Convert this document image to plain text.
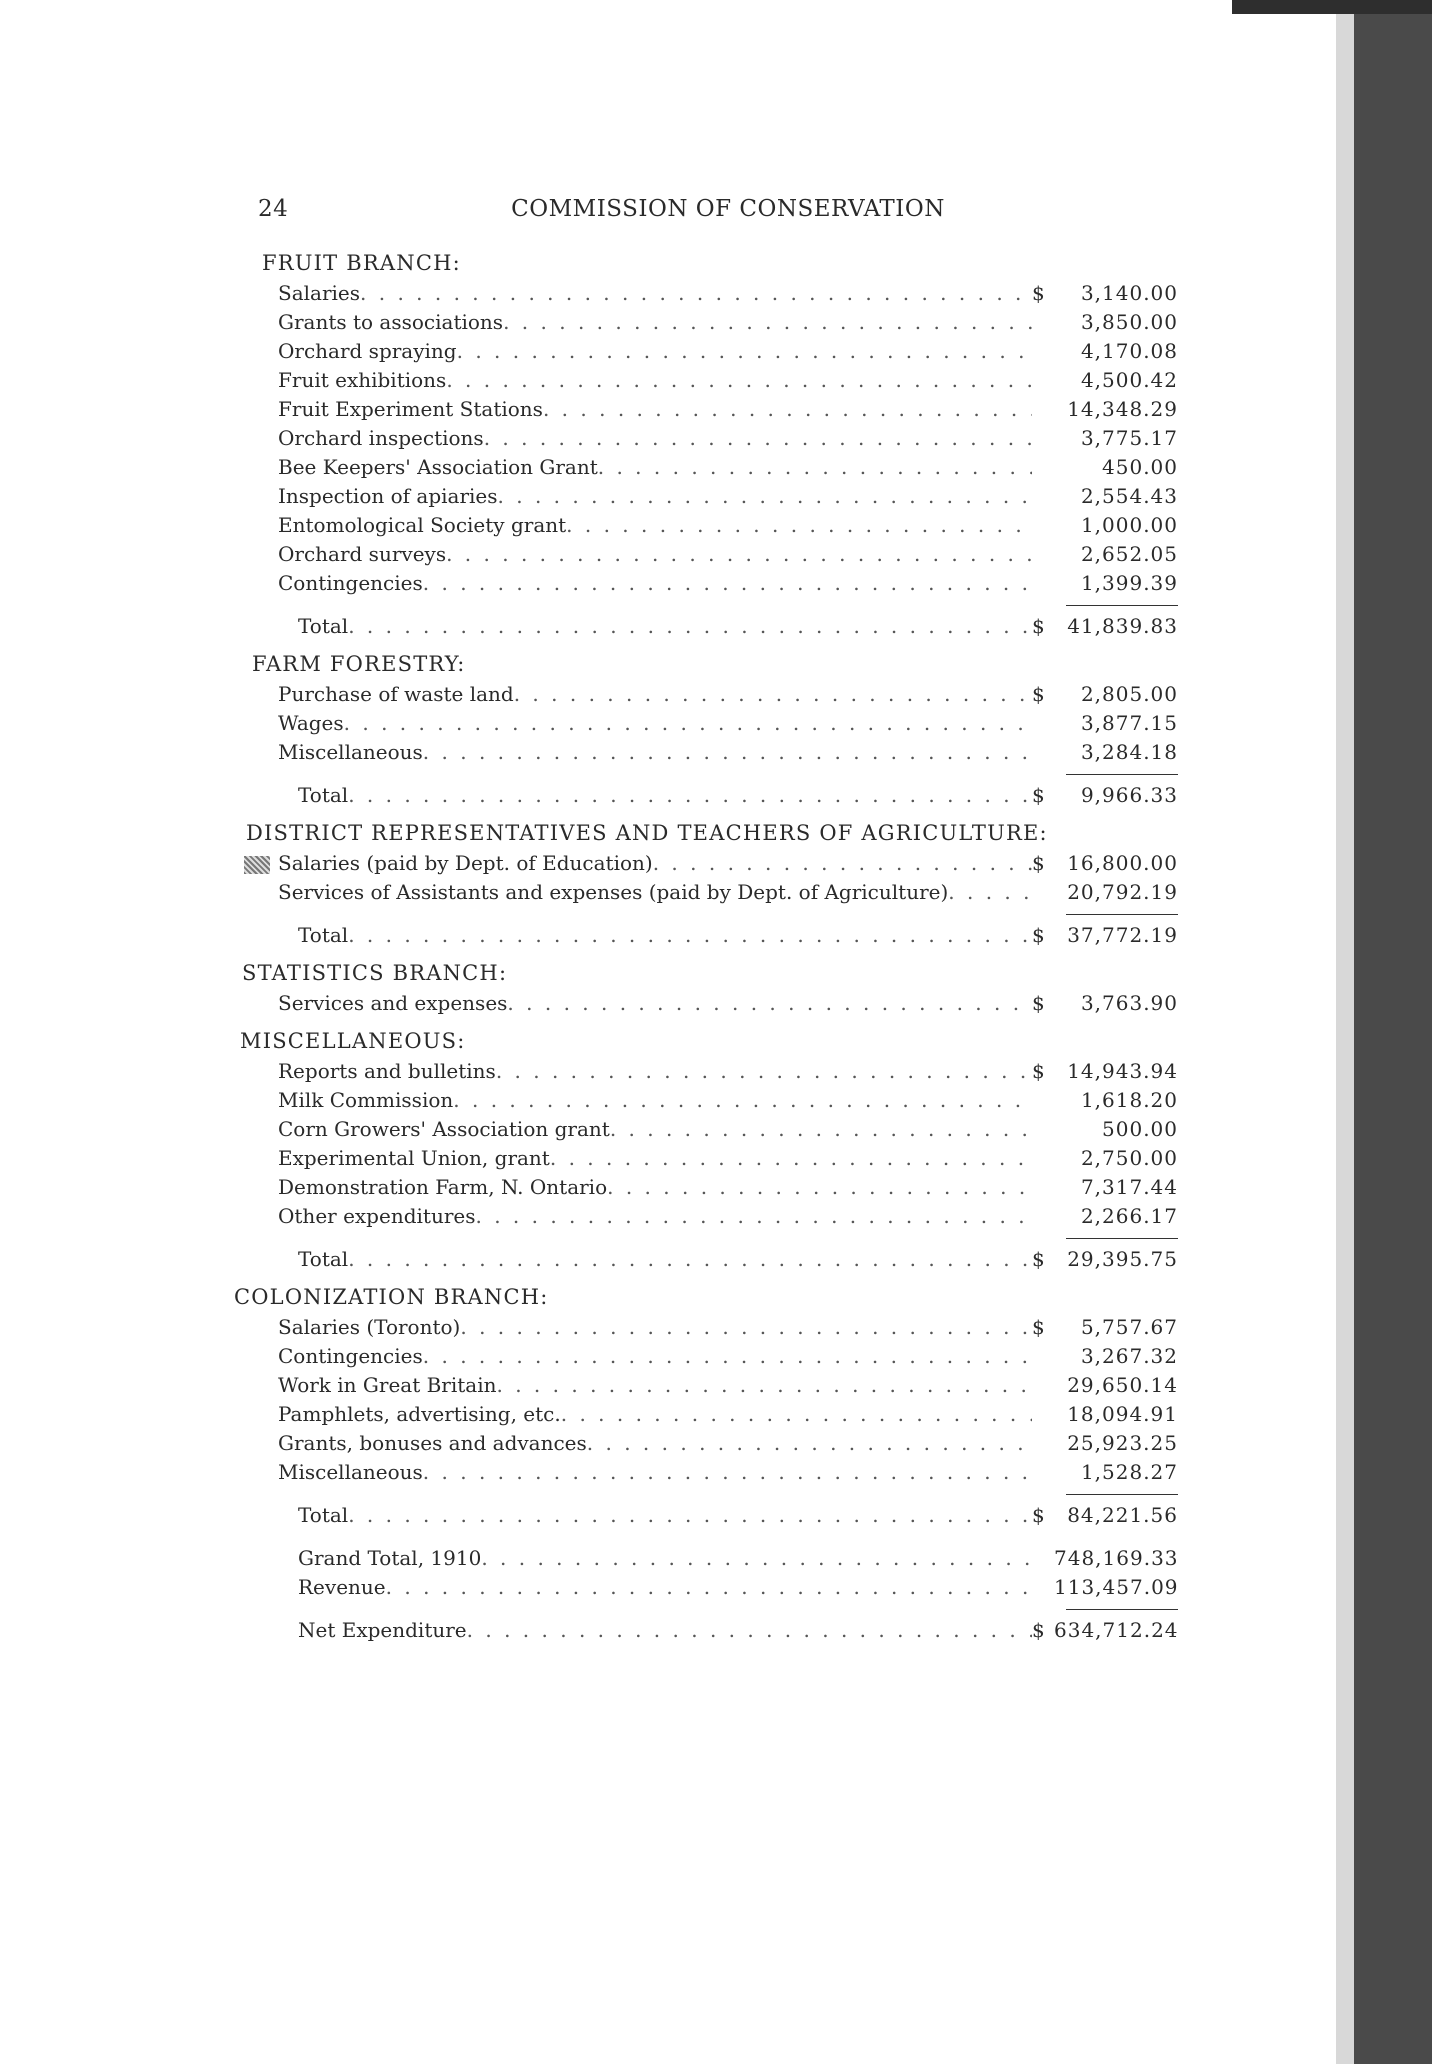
24	COMMISSION OF CONSERVATION
FRUIT BRANCH:
Salaries . . .	$	3,140.00
Grants to associations . . .	3,850.00
Orchard spraying . . .	4,170.08
Fruit exhibitions . . .	4,500.42
Fruit Experiment Stations . . .	14,348.29
Orchard inspections . . .	3,775.17
Bee Keepers' Association Grant . . .	450.00
Inspection of apiaries . . .	2,554.43
Entomological Society grant . . .	1,000.00
Orchard surveys . . .	2,652.05
Contingencies . . .	1,399.39
Total . . .	$	41,839.83
FARM FORESTRY:
Purchase of waste land . . .	$	2,805.00
Wages . . .	3,877.15
Miscellaneous . . .	3,284.18
Total . . .	$	9,966.33
DISTRICT REPRESENTATIVES AND TEACHERS OF AGRICULTURE:
Salaries (paid by Dept. of Education) . . .	$	16,800.00
Services of Assistants and expenses (paid by Dept. of Agriculture) . . .	20,792.19
Total . . .	$	37,772.19
STATISTICS BRANCH:
Services and expenses . . .	$	3,763.90
MISCELLANEOUS:
Reports and bulletins . . .	$	14,943.94
Milk Commission . . .	1,618.20
Corn Growers' Association grant . . .	500.00
Experimental Union, grant . . .	2,750.00
Demonstration Farm, N. Ontario . . .	7,317.44
Other expenditures . . .	2,266.17
Total . . .	$	29,395.75
COLONIZATION BRANCH:
Salaries (Toronto) . . .	$	5,757.67
Contingencies . . .	3,267.32
Work in Great Britain . . .	29,650.14
Pamphlets, advertising, etc. . . .	18,094.91
Grants, bonuses and advances . . .	25,923.25
Miscellaneous . . .	1,528.27
Total . . .	$	84,221.56
Grand Total, 1910 . . .	748,169.33
Revenue . . .	113,457.09
Net Expenditure . . .	$ 634,712.24
